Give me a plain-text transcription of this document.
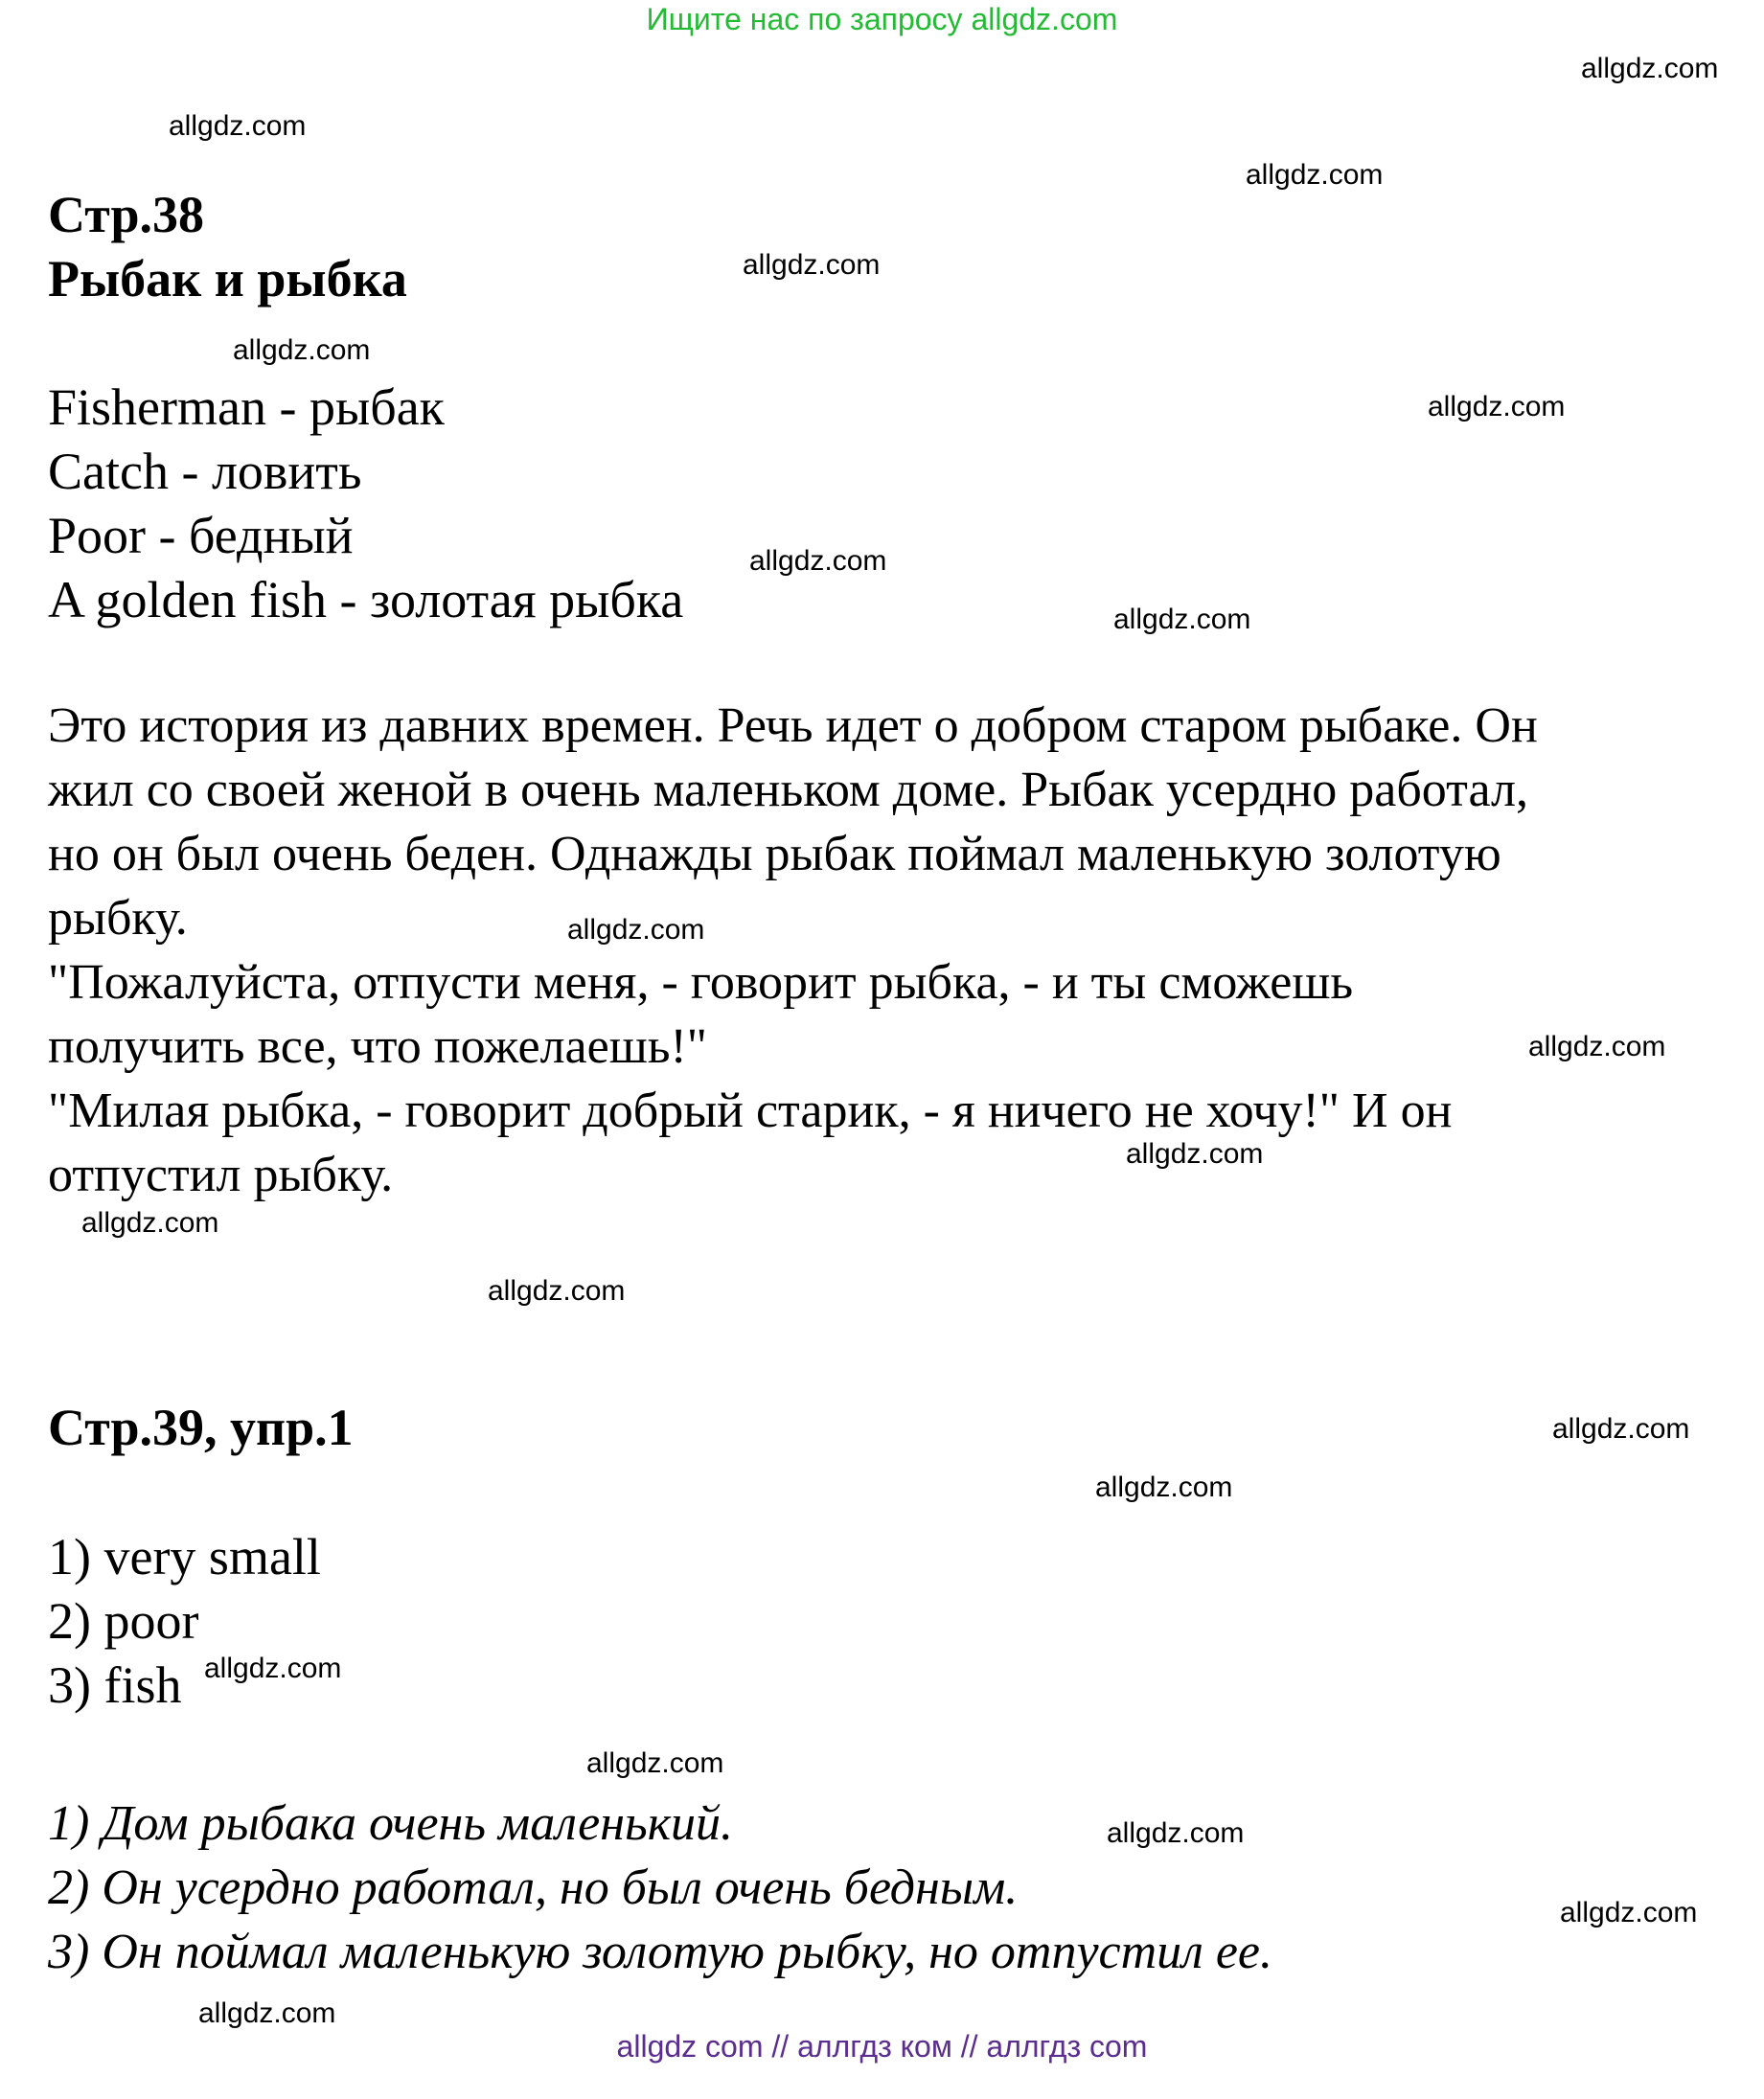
Ищите нас по запросу allgdz.com
allgdz.com
allgdz.com
allgdz.com
allgdz.com
allgdz.com
allgdz.com
allgdz.com
allgdz.com
allgdz.com
allgdz.com
allgdz.com
allgdz.com
allgdz.com
allgdz.com
allgdz.com
allgdz.com
allgdz.com
allgdz.com
allgdz.com
allgdz.com
Стр.38
Рыбак и рыбка
Fisherman - рыбак
Catch - ловить
Poor - бедный
A golden fish - золотая рыбка
Это история из давних времен. Речь идет о добром старом рыбаке. Он
жил со своей женой в очень маленьком доме. Рыбак усердно работал,
но он был очень беден. Однажды рыбак поймал маленькую золотую
рыбку.
"Пожалуйста, отпусти меня, - говорит рыбка, - и ты сможешь
получить все, что пожелаешь!"
"Милая рыбка, - говорит добрый старик, - я ничего не хочу!" И он
отпустил рыбку.
Стр.39, упр.1
1) very small
2) poor
3) fish
1) Дом рыбака очень маленький.
2) Он усердно работал, но был очень бедным.
3) Он поймал маленькую золотую рыбку, но отпустил ее.
allgdz com // аллгдз ком // аллгдз com
